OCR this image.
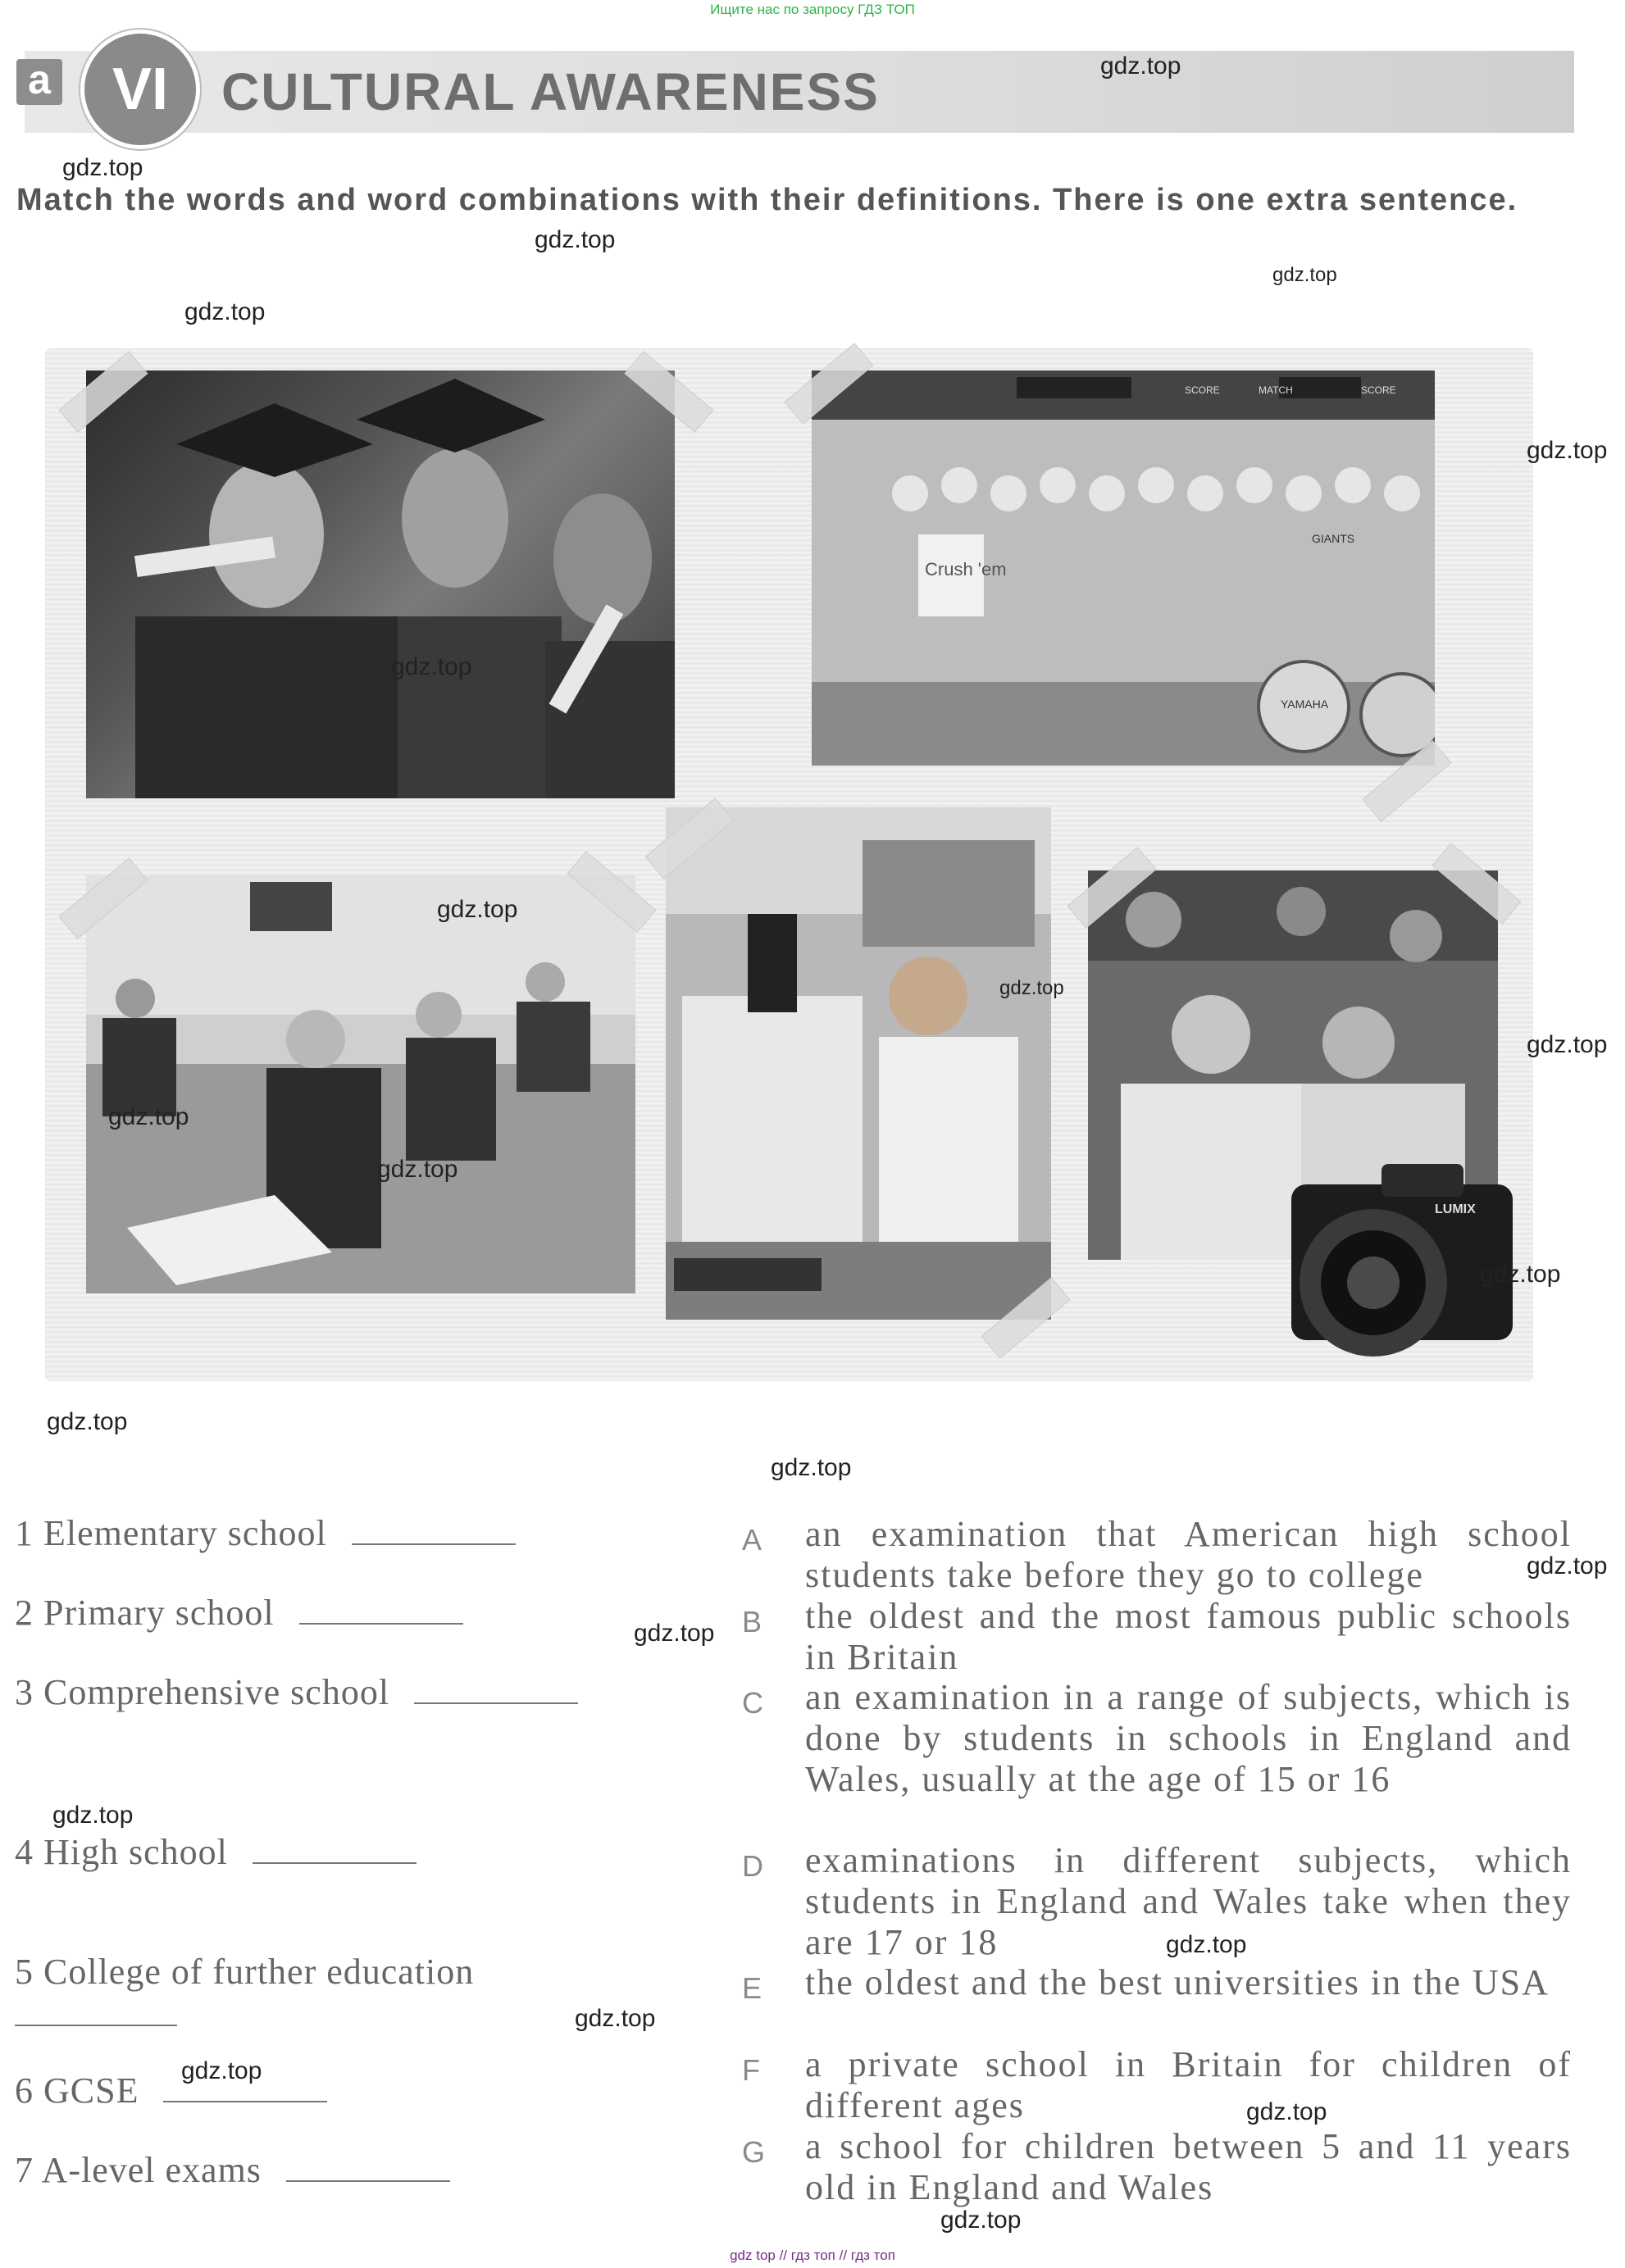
Ищите нас по запросу ГДЗ ТОП
a	VI	CULTURAL AWARENESS
Match the words and word combinations with their definitions. There is one extra sentence.
SCORE	MATCH	SCORE
Crush 'em
GIANTS
YAMAHA
LUMIX
gdz.top
gdz.top
gdz.top
gdz.top
gdz.top
gdz.top
gdz.top
gdz.top
gdz.top
gdz.top
gdz.top
gdz.top
gdz.top
gdz.top
gdz.top
gdz.top
gdz.top
gdz.top
gdz.top
gdz.top
gdz.top
gdz.top
gdz.top
1 Elementary school
2 Primary school
3 Comprehensive school
4 High school
5 College of further education
6 GCSE
7 A-level exams
A an examination that American high school students take before they go to college
B the oldest and the most famous public schools in Britain
C an examination in a range of subjects, which is done by students in schools in England and Wales, usually at the age of 15 or 16
D examinations in different subjects, which students in England and Wales take when they are 17 or 18
E the oldest and the best universities in the USA
F a private school in Britain for children of different ages
G a school for children between 5 and 11 years old in England and Wales
gdz top // гдз топ // гдз топ
